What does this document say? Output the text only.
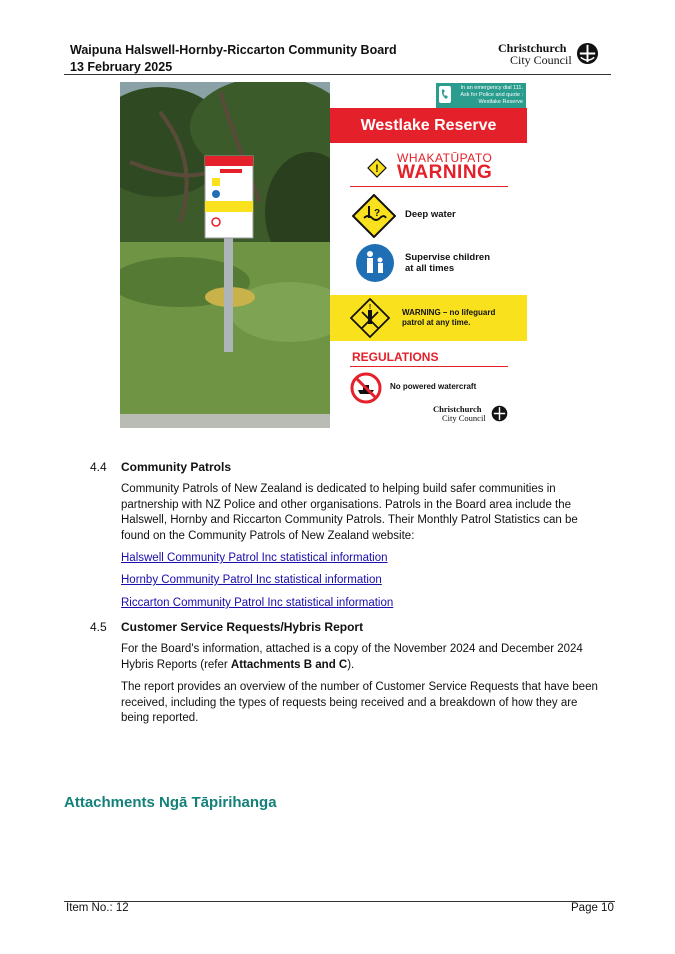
Waipuna Halswell-Hornby-Riccarton Community Board
13 February 2025
Christchurch
City Council
In an emergency dial 111.
Ask for Police and quote :
Westlake Reserve
Westlake Reserve
!
WHAKATŪPATO
WARNING
?	Deep water
Supervise children
at all times
!
WARNING – no lifeguard
patrol at any time.
REGULATIONS
No powered watercraft
Christchurch
City Council
4.4 Community Patrols
Community Patrols of New Zealand is dedicated to helping build safer communities in
partnership with NZ Police and other organisations. Patrols in the Board area include the
Halswell, Hornby and Riccarton Community Patrols. Their Monthly Patrol Statistics can be
found on the Community Patrols of New Zealand website:
Halswell Community Patrol Inc statistical information
Hornby Community Patrol Inc statistical information
Riccarton Community Patrol Inc statistical information
4.5 Customer Service Requests/Hybris Report
For the Board's information, attached is a copy of the November 2024 and December 2024
Hybris Reports (refer Attachments B and C).
The report provides an overview of the number of Customer Service Requests that have been
received, including the types of requests being received and a breakdown of how they are
being reported.
Attachments Ngā Tāpirihanga
Item No.: 12	Page 10
